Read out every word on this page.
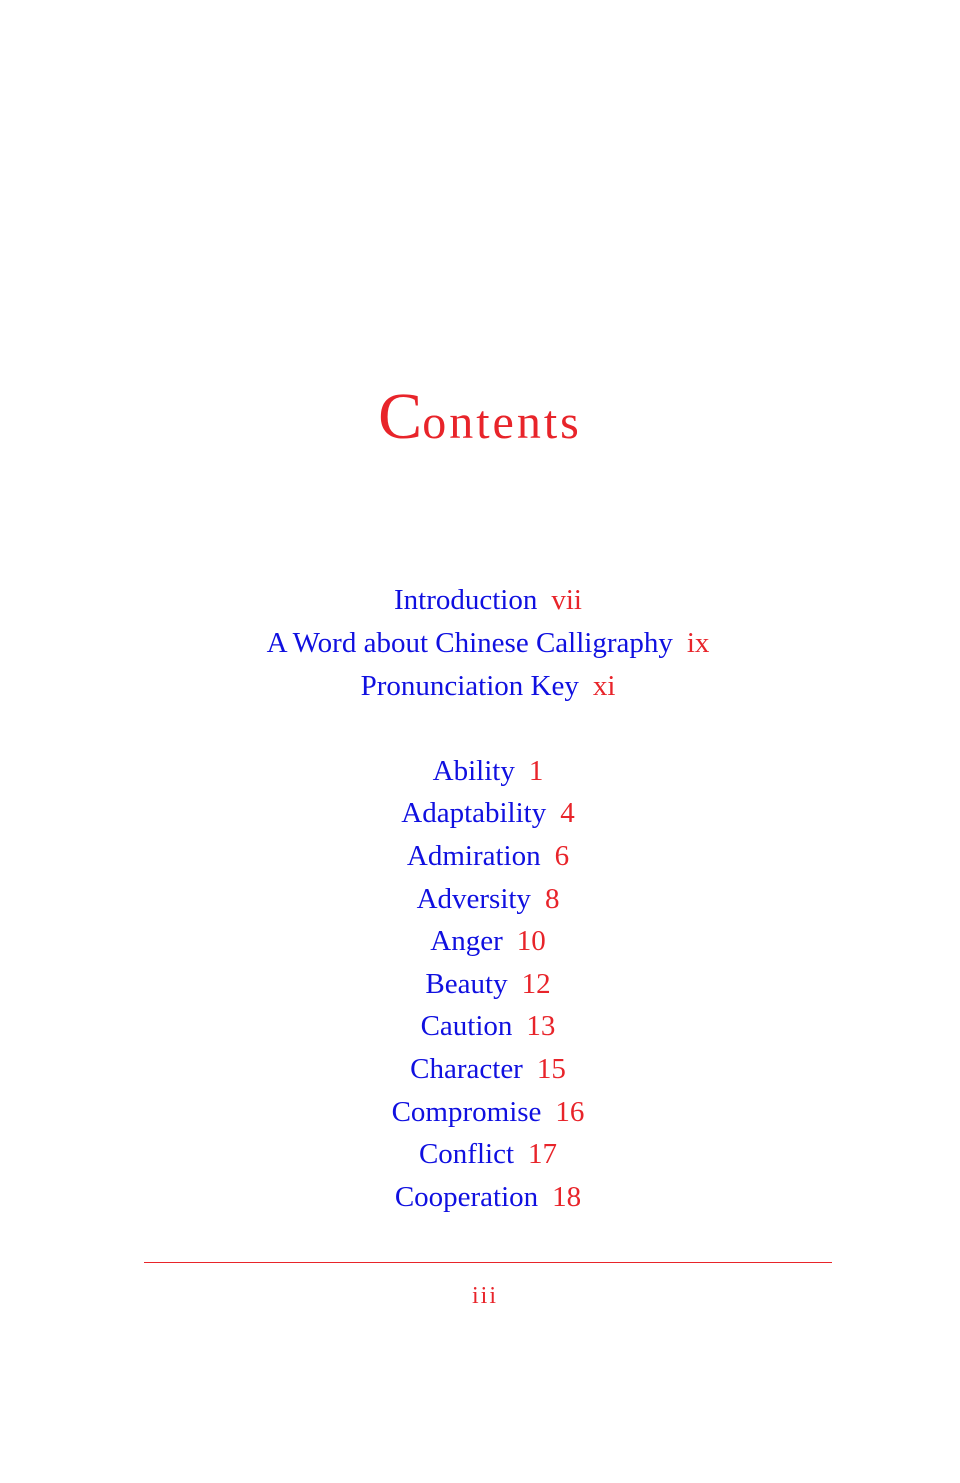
Contents
Introduction vii
A Word about Chinese Calligraphy ix
Pronunciation Key xi
Ability 1
Adaptability 4
Admiration 6
Adversity 8
Anger 10
Beauty 12
Caution 13
Character 15
Compromise 16
Conflict 17
Cooperation 18
iii
